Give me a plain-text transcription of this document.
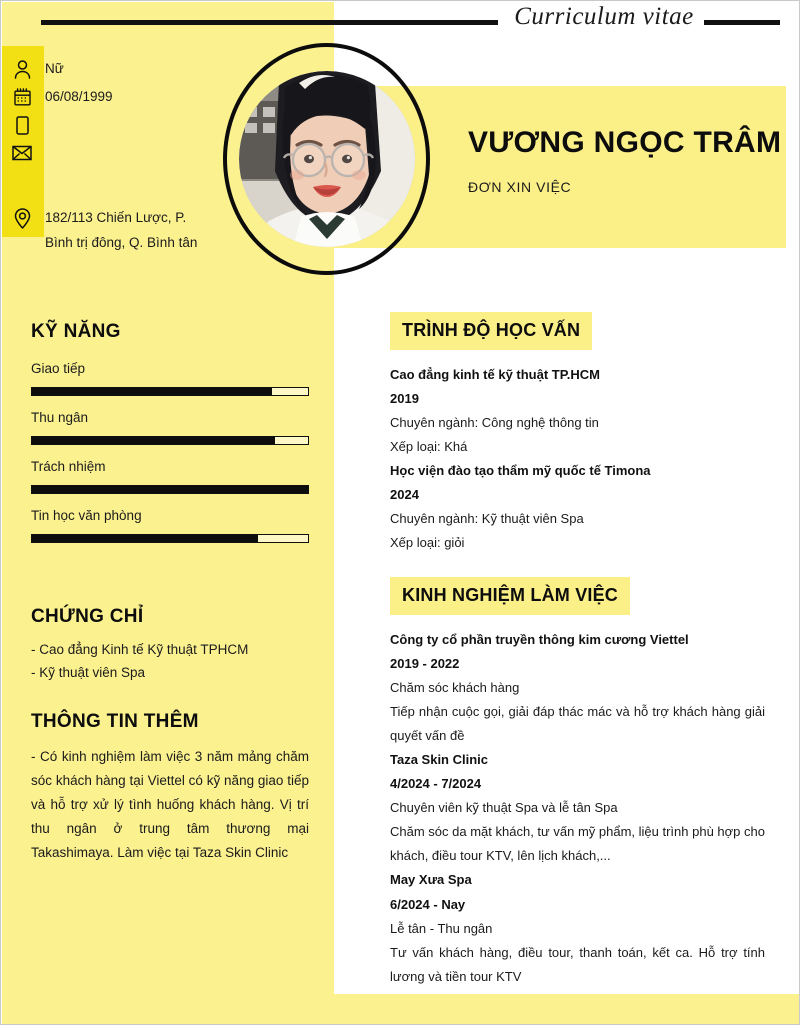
Curriculum vitae
Nữ
06/08/1999
182/113 Chiến Lược, P.
Bình trị đông, Q. Bình tân
VƯƠNG NGỌC TRÂM
ĐƠN XIN VIỆC
KỸ NĂNG
Giao tiếp
Thu ngân
Trách nhiệm
Tin học văn phòng
CHỨNG CHỈ
- Cao đẳng Kinh tế Kỹ thuật TPHCM
- Kỹ thuật viên Spa
THÔNG TIN THÊM
- Có kinh nghiệm làm việc 3 năm mảng chăm sóc khách hàng tại Viettel có kỹ năng giao tiếp và hỗ trợ xử lý tình huống khách hàng. Vị trí thu ngân ở trung tâm thương mại Takashimaya. Làm việc tại Taza Skin Clinic
TRÌNH ĐỘ HỌC VẤN
Cao đẳng kinh tế kỹ thuật TP.HCM
2019
Chuyên ngành: Công nghệ thông tin
Xếp loại: Khá
Học viện đào tạo thẩm mỹ quốc tế Timona
2024
Chuyên ngành: Kỹ thuật viên Spa
Xếp loại: giỏi
KINH NGHIỆM LÀM VIỆC
Công ty cổ phần truyền thông kim cương Viettel
2019 - 2022
Chăm sóc khách hàng
Tiếp nhận cuộc gọi, giải đáp thác mác và hỗ trợ khách hàng giải quyết vấn đề
Taza Skin Clinic
4/2024 - 7/2024
Chuyên viên kỹ thuật Spa và lễ tân Spa
Chăm sóc da mặt khách, tư vấn mỹ phẩm, liệu trình phù hợp cho khách, điều tour KTV, lên lịch khách,...
May Xưa Spa
6/2024 - Nay
Lễ tân - Thu ngân
Tư vấn khách hàng, điều tour, thanh toán, kết ca. Hỗ trợ tính lương và tiền tour KTV
